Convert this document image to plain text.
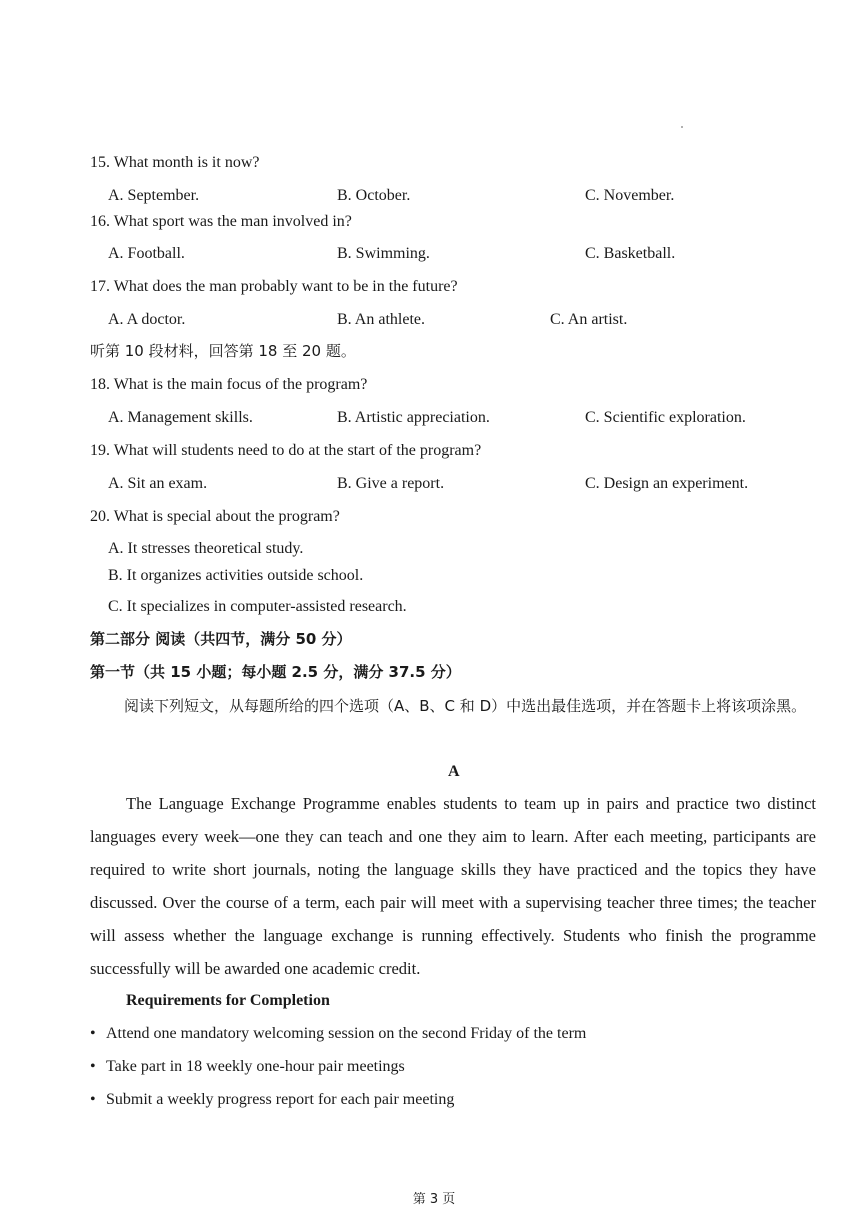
15. What month is it now?
A. September.	B. October.	C. November.
16. What sport was the man involved in?
A. Football.	B. Swimming.	C. Basketball.
17. What does the man probably want to be in the future?
A. A doctor.	B. An athlete.	C. An artist.
听第 10 段材料，回答第 18 至 20 题。
18. What is the main focus of the program?
A. Management skills.	B. Artistic appreciation.	C. Scientific exploration.
19. What will students need to do at the start of the program?
A. Sit an exam.	B. Give a report.	C. Design an experiment.
20. What is special about the program?
A. It stresses theoretical study.
B. It organizes activities outside school.
C. It specializes in computer-assisted research.
第二部分 阅读（共四节，满分 50 分）
第一节（共 15 小题；每小题 2.5 分，满分 37.5 分）
阅读下列短文，从每题所给的四个选项（A、B、C 和 D）中选出最佳选项，并在答题卡上将该项涂黑。
A

The Language Exchange Programme enables students to team up in pairs and practice two distinct languages every week—one they can teach and one they aim to learn. After each meeting, participants are required to write short journals, noting the language skills they have practiced and the topics they have discussed. Over the course of a term, each pair will meet with a supervising teacher three times; the teacher will assess whether the language exchange is running effectively. Students who finish the programme successfully will be awarded one academic credit.

Requirements for Completion
• Attend one mandatory welcoming session on the second Friday of the term
• Take part in 18 weekly one-hour pair meetings
• Submit a weekly progress report for each pair meeting
第 3 页
